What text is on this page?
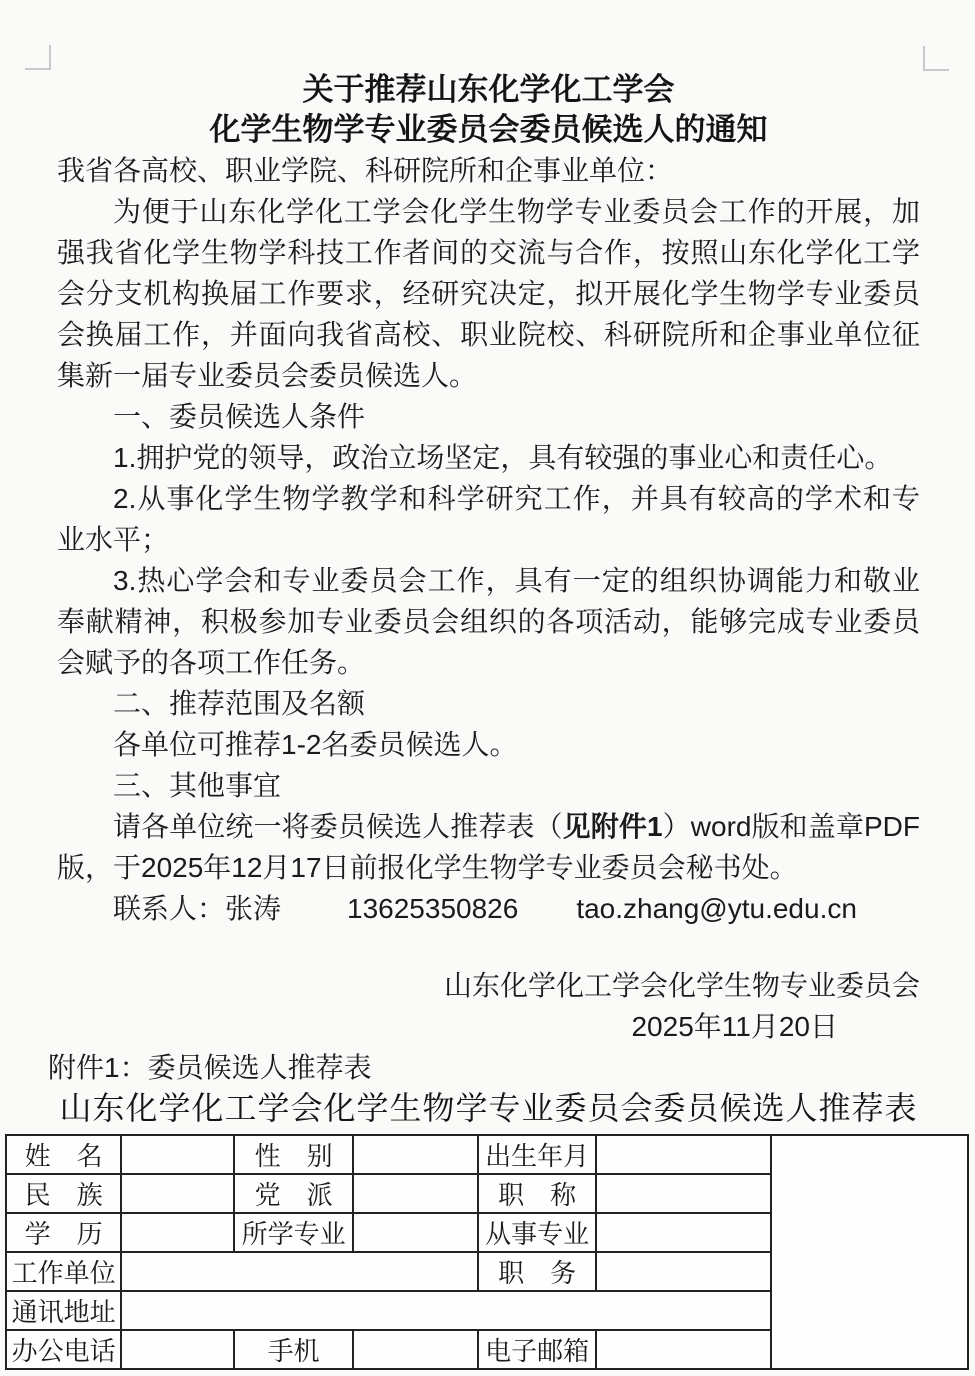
关于推荐山东化学化工学会
化学生物学专业委员会委员候选人的通知

我省各高校、职业学院、科研院所和企事业单位：

为便于山东化学化工学会化学生物学专业委员会工作的开展，加强我省化学生物学科技工作者间的交流与合作，按照山东化学化工学会分支机构换届工作要求，经研究决定，拟开展化学生物学专业委员会换届工作，并面向我省高校、职业院校、科研院所和企事业单位征集新一届专业委员会委员候选人。

一、委员候选人条件

1.拥护党的领导，政治立场坚定，具有较强的事业心和责任心。

2.从事化学生物学教学和科学研究工作，并具有较高的学术和专业水平；

3.热心学会和专业委员会工作，具有一定的组织协调能力和敬业奉献精神，积极参加专业委员会组织的各项活动，能够完成专业委员会赋予的各项工作任务。

二、推荐范围及名额

各单位可推荐1-2名委员候选人。

三、其他事宜

请各单位统一将委员候选人推荐表（见附件1）word版和盖章PDF版，于2025年12月17日前报化学生物学专业委员会秘书处。

联系人：张涛 13625350826 tao.zhang@ytu.edu.cn

山东化学化工学会化学生物专业委员会

2025年11月20日

附件1：委员候选人推荐表

山东化学化工学会化学生物学专业委员会委员候选人推荐表
姓　名		性　别		出生年月		
民　族		党　派		职　称		
学　历		所学专业		从事专业		
工作单位				职　务		
通讯地址						
办公电话		手机		电子邮箱		
